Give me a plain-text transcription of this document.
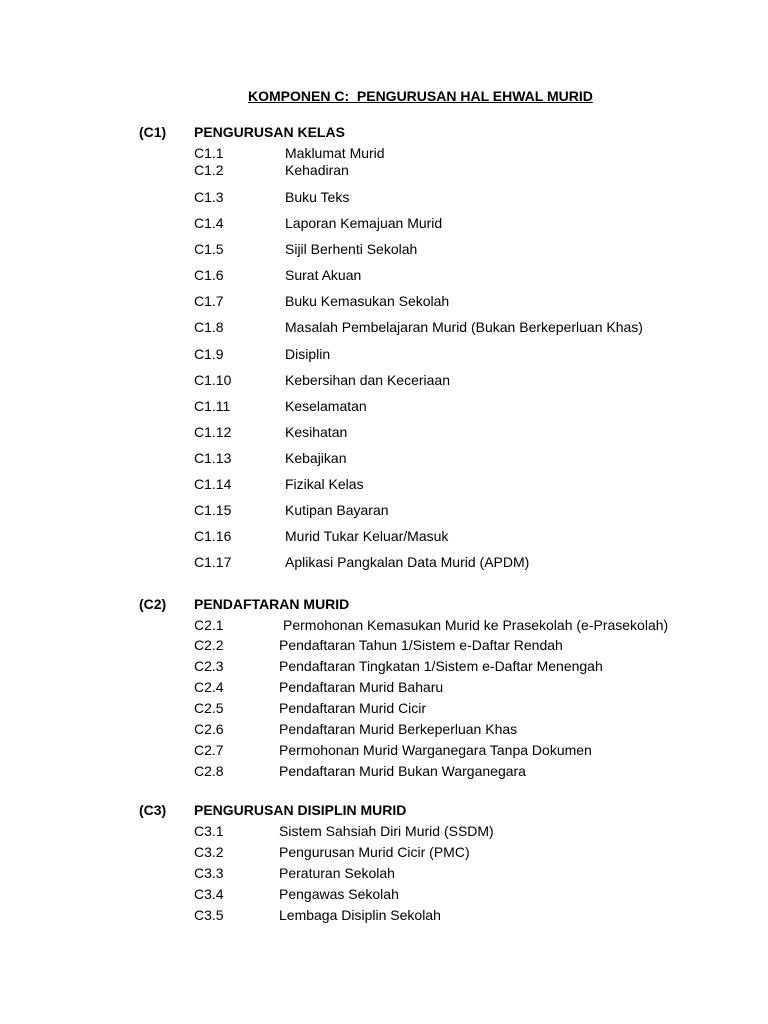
KOMPONEN C:  PENGURUSAN HAL EHWAL MURID
(C1) PENGURUSAN KELAS
C1.1	Maklumat Murid
C1.2	Kehadiran
C1.3	Buku Teks
C1.4	Laporan Kemajuan Murid
C1.5	Sijil Berhenti Sekolah
C1.6	Surat Akuan
C1.7	Buku Kemasukan Sekolah
C1.8	Masalah Pembelajaran Murid (Bukan Berkeperluan Khas)
C1.9	Disiplin
C1.10	Kebersihan dan Keceriaan
C1.11	Keselamatan
C1.12	Kesihatan
C1.13	Kebajikan
C1.14	Fizikal Kelas
C1.15	Kutipan Bayaran
C1.16	Murid Tukar Keluar/Masuk
C1.17	Aplikasi Pangkalan Data Murid (APDM)
(C2) PENDAFTARAN MURID
C2.1	Permohonan Kemasukan Murid ke Prasekolah (e-Prasekolah)
C2.2	Pendaftaran Tahun 1/Sistem e-Daftar Rendah
C2.3	Pendaftaran Tingkatan 1/Sistem e-Daftar Menengah
C2.4	Pendaftaran Murid Baharu
C2.5	Pendaftaran Murid Cicir
C2.6	Pendaftaran Murid Berkeperluan Khas
C2.7	Permohonan Murid Warganegara Tanpa Dokumen
C2.8	Pendaftaran Murid Bukan Warganegara
(C3) PENGURUSAN DISIPLIN MURID
C3.1	Sistem Sahsiah Diri Murid (SSDM)
C3.2	Pengurusan Murid Cicir (PMC)
C3.3	Peraturan Sekolah
C3.4	Pengawas Sekolah
C3.5	Lembaga Disiplin Sekolah
